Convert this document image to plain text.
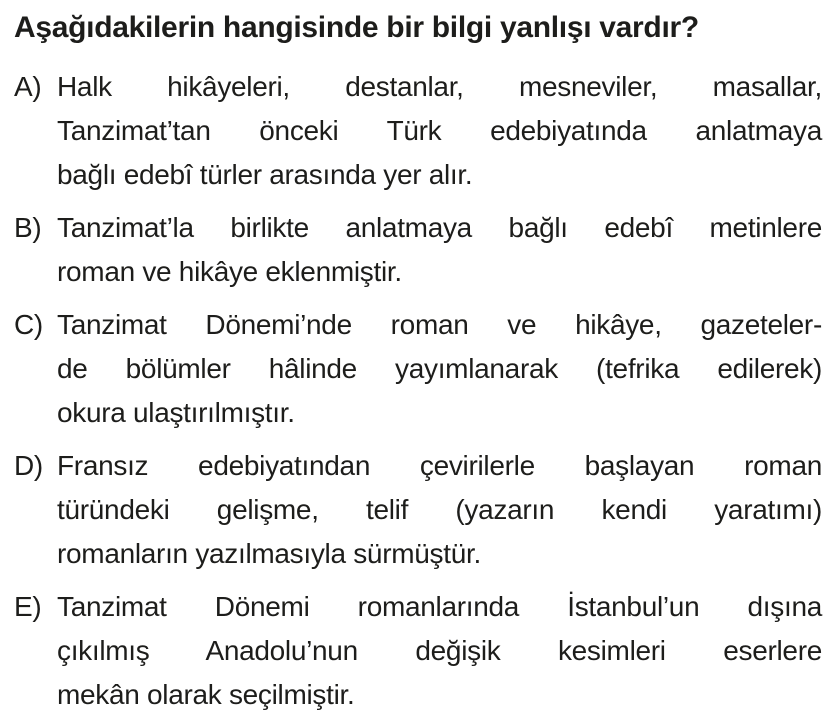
Aşağıdakilerin hangisinde bir bilgi yanlışı vardır?
A) Halk hikâyeleri, destanlar, mesneviler, masallar,
Tanzimat’tan önceki Türk edebiyatında anlatmaya
bağlı edebî türler arasında yer alır.
B) Tanzimat’la birlikte anlatmaya bağlı edebî metinlere
roman ve hikâye eklenmiştir.
C) Tanzimat Dönemi’nde roman ve hikâye, gazeteler-
de bölümler hâlinde yayımlanarak (tefrika edilerek)
okura ulaştırılmıştır.
D) Fransız edebiyatından çevirilerle başlayan roman
türündeki gelişme, telif (yazarın kendi yaratımı)
romanların yazılmasıyla sürmüştür.
E) Tanzimat Dönemi romanlarında İstanbul’un dışına
çıkılmış Anadolu’nun değişik kesimleri eserlere
mekân olarak seçilmiştir.
